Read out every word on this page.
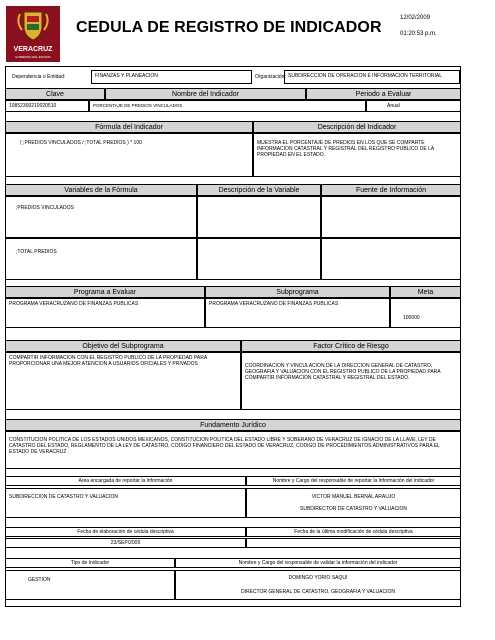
VERACRUZ
GOBIERNO DEL ESTADO
CEDULA DE REGISTRO DE INDICADOR
12/02/2009
01:20:53 p.m.
Dependencia o Entidad:	FINANZAS Y PLANEACION	Organización: SUBDIRECCION DE OPERACION E INFORMACION TERRITORIAL
Clave	Nombre del Indicador	Periodo a Evaluar
10852300210020510	PORCENTAJE DE PREDIOS VINCULADOS	Anual
Fórmula del Indicador	Descripción del Indicador
( ;PREDIOS VINCULADOS / ;TOTAL PREDIOS ) * 100	MUESTRA EL PORCENTAJE DE PREDIOS EN LOS QUE SE COMPARTE INFORMACION CATASTRAL Y REGISTRAL DEL REGISTRO PUBLICO DE LA PROPIEDAD EN EL ESTADO.
Variables de la Fórmula	Descripción de la Variable	Fuente de Información
;PREDIOS VINCULADOS
;TOTAL PREDIOS
Programa a Evaluar	Subprograma	Meta
PROGRAMA VERACRUZANO DE FINANZAS PUBLICAS	PROGRAMA VERACRUZANO DE FINANZAS PUBLICAS
100000
Objetivo del Subprograma	Factor Crítico de Riesgo
COMPARTIR INFORMACION CON EL REGISTRO PUBLICO DE LA PROPIEDAD PARA PROPORCIONAR UNA MEJOR ATENCION A USUARIOS OFICIALES Y PRIVADOS	COORDINACION Y VINCULACION DE LA DIRECCION GENERAL DE CATASTRO, GEOGRAFIA Y VALUACION CON EL REGISTRO PUBLICO DE LA PROPIEDAD PARA COMPARTIR INFORMACION CATASTRAL Y REGISTRAL DEL ESTADO.
Fundamento Jurídico
CONSTITUCION POLITICA DE LOS ESTADOS UNIDOS MEXICANOS, CONSTITUCION POLITICA DEL ESTADO LIBRE Y SOBERANO DE VERACRUZ DE IGNACIO DE LA LLAVE, LEY DE CATASTRO DEL ESTADO, REGLAMENTO DE LA LEY DE CATASTRO, CODIGO FINANCIERO DEL ESTADO DE VERACRUZ, CODIGO DE PROCEDIMIENTOS ADMINISTRATIVOS PARA EL ESTADO DE VERACRUZ
Area encargada de reportar la información	Nombre y Cargo del responsable de reportar la información del indicador
SUBDIRECCION DE CATASTRO Y VALUACION	VICTOR MANUEL BERNAL ARAUJO
SUBDIRECTOR DE CATASTRO Y VALUACION
Fecha de elaboración de cédula descriptiva	Fecha de la última modificación de cédula descriptiva
23/SEP/2009
Tipo de Indicador	Nombre y Cargo del responsable de validar la información del indicador
GESTION	DOMINGO YORIO SAQUI
DIRECTOR GENERAL DE CATASTRO, GEOGRAFIA Y VALUACION
